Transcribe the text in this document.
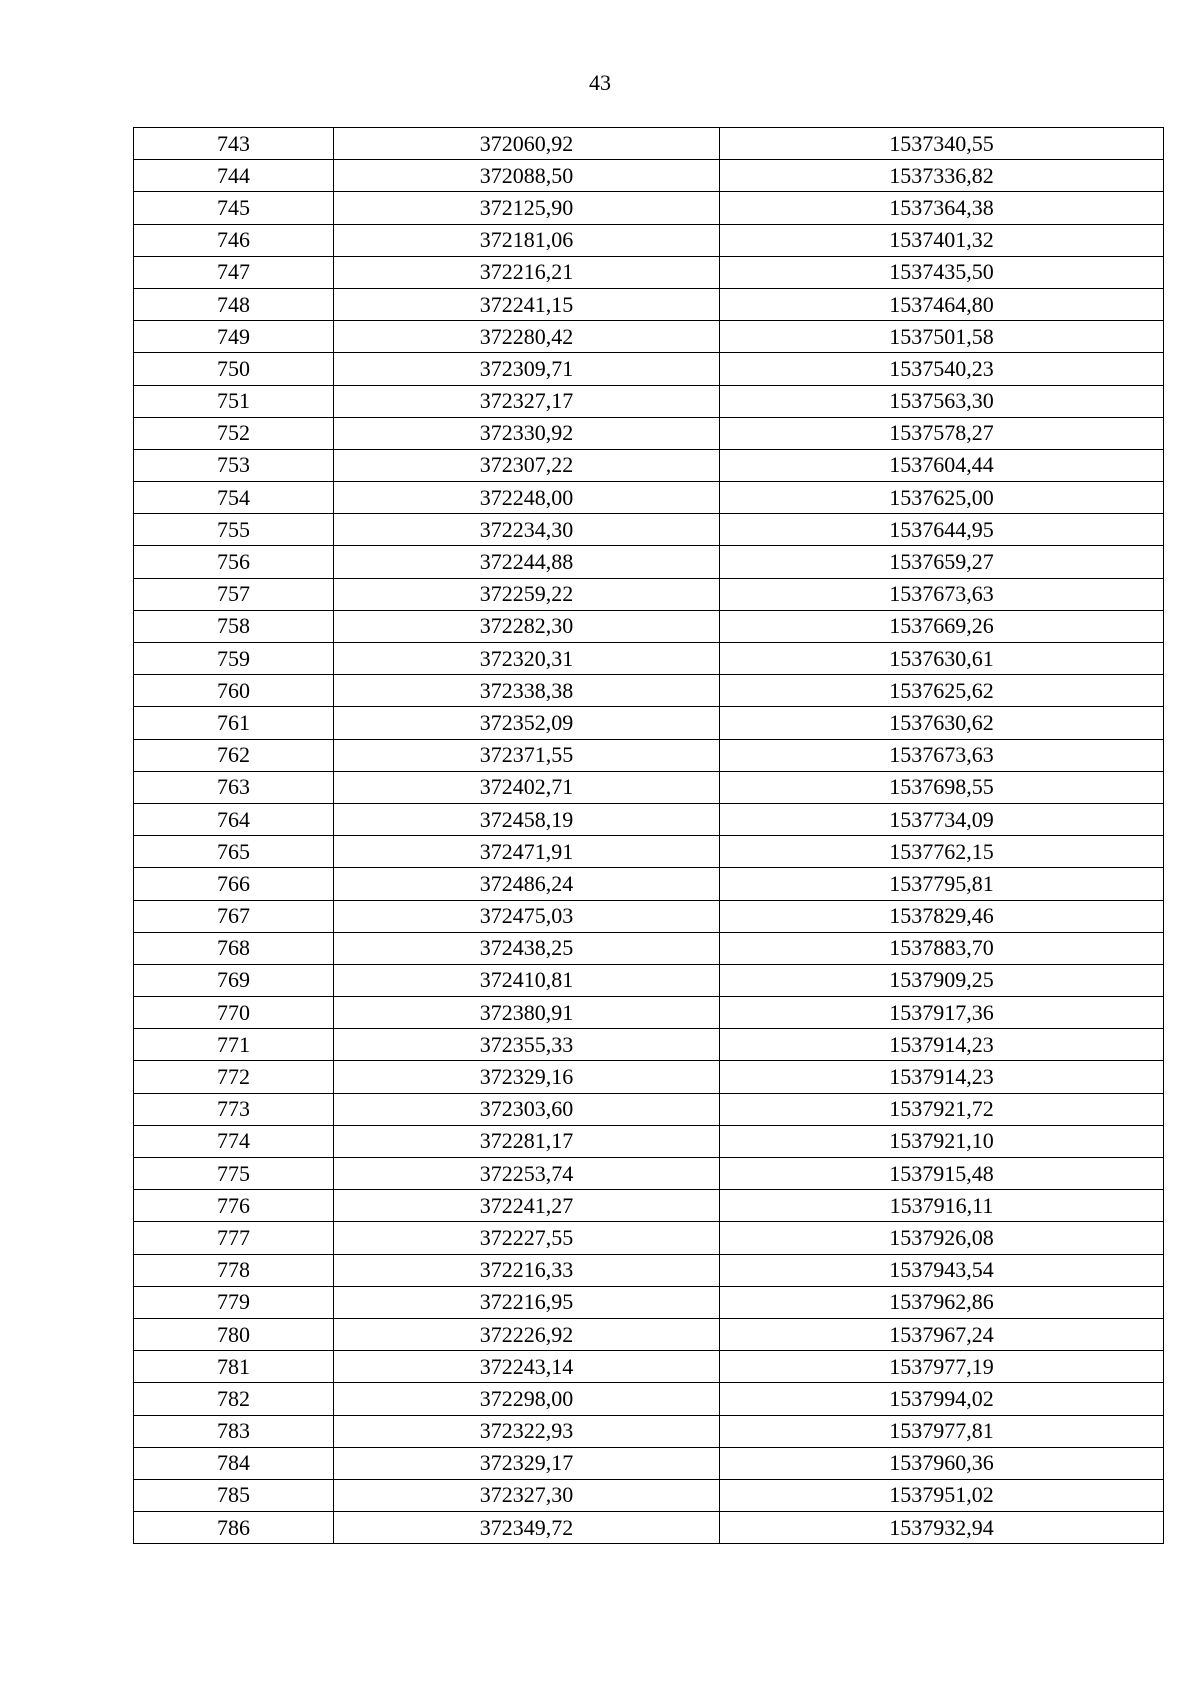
43
743	372060,92	1537340,55
744	372088,50	1537336,82
745	372125,90	1537364,38
746	372181,06	1537401,32
747	372216,21	1537435,50
748	372241,15	1537464,80
749	372280,42	1537501,58
750	372309,71	1537540,23
751	372327,17	1537563,30
752	372330,92	1537578,27
753	372307,22	1537604,44
754	372248,00	1537625,00
755	372234,30	1537644,95
756	372244,88	1537659,27
757	372259,22	1537673,63
758	372282,30	1537669,26
759	372320,31	1537630,61
760	372338,38	1537625,62
761	372352,09	1537630,62
762	372371,55	1537673,63
763	372402,71	1537698,55
764	372458,19	1537734,09
765	372471,91	1537762,15
766	372486,24	1537795,81
767	372475,03	1537829,46
768	372438,25	1537883,70
769	372410,81	1537909,25
770	372380,91	1537917,36
771	372355,33	1537914,23
772	372329,16	1537914,23
773	372303,60	1537921,72
774	372281,17	1537921,10
775	372253,74	1537915,48
776	372241,27	1537916,11
777	372227,55	1537926,08
778	372216,33	1537943,54
779	372216,95	1537962,86
780	372226,92	1537967,24
781	372243,14	1537977,19
782	372298,00	1537994,02
783	372322,93	1537977,81
784	372329,17	1537960,36
785	372327,30	1537951,02
786	372349,72	1537932,94
